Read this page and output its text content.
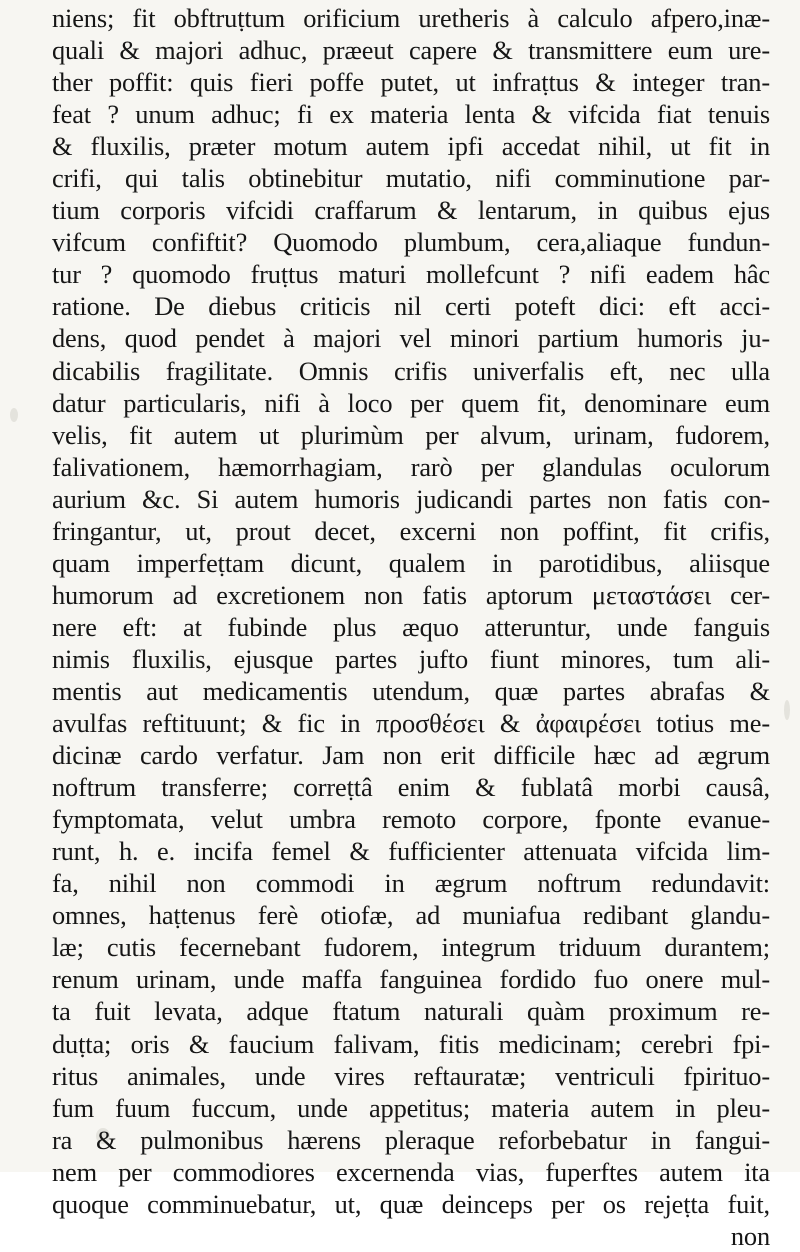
niens; fit obftruṭtum orificium uretheris à calculo afpero,inæ-
quali & majori adhuc, præeut capere & transmittere eum ure-
ther poffit: quis fieri poffe putet, ut infraṭtus & integer tran-
feat ? unum adhuc; fi ex materia lenta & vifcida fiat tenuis
& fluxilis, præter motum autem ipfi accedat nihil, ut fit in
crifi, qui talis obtinebitur mutatio, nifi comminutione par-
tium corporis vifcidi craffarum & lentarum, in quibus ejus
vifcum confiftit? Quomodo plumbum, cera,aliaque fundun-
tur ? quomodo fruṭtus maturi mollefcunt ? nifi eadem hâc
ratione. De diebus criticis nil certi poteft dici: eft acci-
dens, quod pendet à majori vel minori partium humoris ju-
dicabilis fragilitate. Omnis crifis univerfalis eft, nec ulla
datur particularis, nifi à loco per quem fit, denominare eum
velis, fit autem ut plurimùm per alvum, urinam, fudorem,
falivationem, hæmorrhagiam, rarò per glandulas oculorum
aurium &c. Si autem humoris judicandi partes non fatis con-
fringantur, ut, prout decet, excerni non poffint, fit crifis,
quam imperfeṭtam dicunt, qualem in parotidibus, aliisque
humorum ad excretionem non fatis aptorum μεταστάσει cer-
nere eft: at fubinde plus æquo atteruntur, unde fanguis
nimis fluxilis, ejusque partes jufto fiunt minores, tum ali-
mentis aut medicamentis utendum, quæ partes abrafas &
avulfas reftituunt; & fic in προσθέσει & ἀφαιρέσει totius me-
dicinæ cardo verfatur. Jam non erit difficile hæc ad ægrum
noftrum transferre; correṭtâ enim & fublatâ morbi causâ,
fymptomata, velut umbra remoto corpore, fponte evanue-
runt, h. e. incifa femel & fufficienter attenuata vifcida lim-
fa, nihil non commodi in ægrum noftrum redundavit:
omnes, haṭtenus ferè otiofæ, ad muniafua redibant glandu-
læ; cutis fecernebant fudorem, integrum triduum durantem;
renum urinam, unde maffa fanguinea fordido fuo onere mul-
ta fuit levata, adque ftatum naturali quàm proximum re-
duṭta; oris & faucium falivam, fitis medicinam; cerebri fpi-
ritus animales, unde vires reftauratæ; ventriculi fpirituo-
fum fuum fuccum, unde appetitus; materia autem in pleu-
ra & pulmonibus hærens pleraque reforbebatur in fangui-
nem per commodiores excernenda vias, fuperftes autem ita
quoque comminuebatur, ut, quæ deinceps per os rejeṭta fuit,
non
